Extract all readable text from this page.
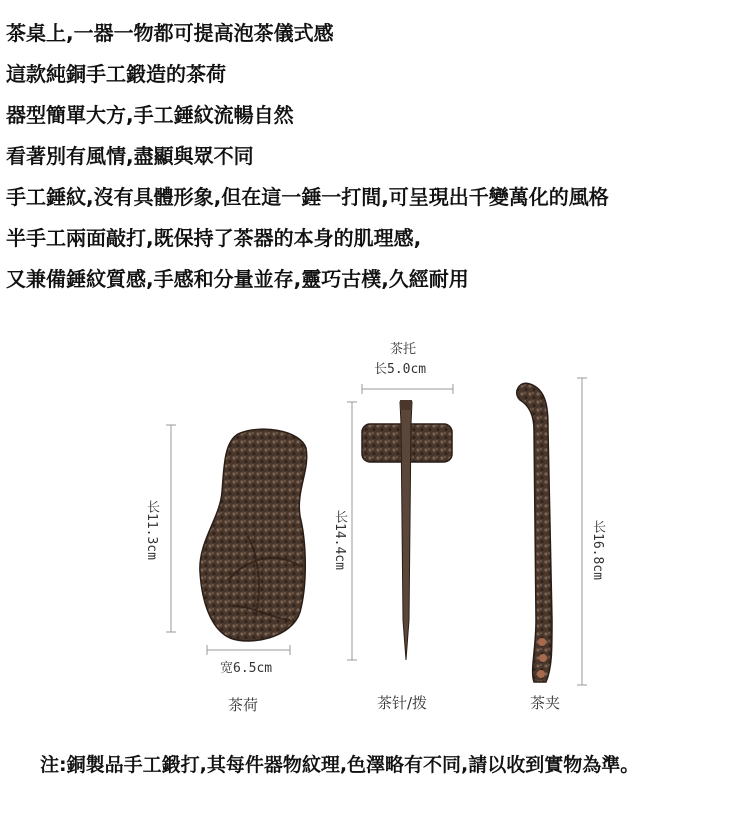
茶桌上,一器一物都可提高泡茶儀式感
這款純銅手工鍛造的茶荷
器型簡單大方,手工錘紋流暢自然
看著別有風情,盡顯與眾不同
手工錘紋,沒有具體形象,但在這一錘一打間,可呈現出千變萬化的風格
半手工兩面敲打,既保持了茶器的本身的肌理感,
又兼備錘紋質感,手感和分量並存,靈巧古樸,久經耐用
长11.3cm
宽6.5cm
茶荷
茶托
长5.0cm
长14.4cm
茶针/拨
长16.8cm
茶夹

注:銅製品手工鍛打,其每件器物紋理,色澤略有不同,請以收到實物為準。
